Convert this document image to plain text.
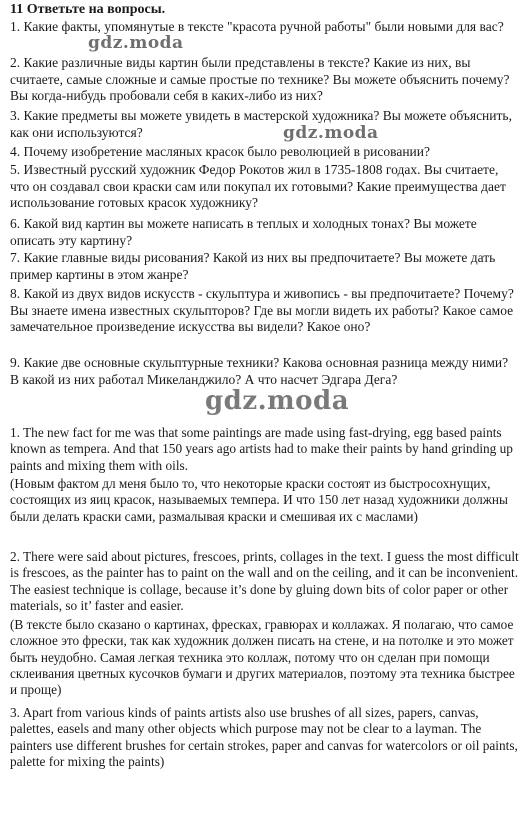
11 Ответьте на вопросы.
1. Какие факты, упомянутые в тексте "красота ручной работы" были новыми для вас?
2. Какие различные виды картин были представлены в тексте? Какие из них, вы считаете, самые сложные и самые простые по технике? Вы можете объяснить почему? Вы когда-нибудь пробовали себя в каких-либо из них?
3. Какие предметы вы можете увидеть в мастерской художника? Вы можете объяснить, как они используются?
4. Почему изобретение масляных красок было революцией в рисовании?
5. Известный русский художник Федор Рокотов жил в 1735-1808 годах. Вы считаете, что он создавал свои краски сам или покупал их готовыми? Какие преимущества дает использование готовых красок художнику?
6. Какой вид картин вы можете написать в теплых и холодных тонах? Вы можете описать эту картину?
7. Какие главные виды рисования? Какой из них вы предпочитаете? Вы можете дать пример картины в этом жанре?
8. Какой из двух видов искусств - скульптура и живопись - вы предпочитаете? Почему? Вы знаете имена известных скульпторов? Где вы могли видеть их работы? Какое самое замечательное произведение искусства вы видели? Какое оно?
9. Какие две основные скульптурные техники? Какова основная разница между ними? В какой из них работал Микеланджило? А что насчет Эдгара Дега?
1. The new fact for me was that some paintings are made using fast-drying, egg based paints known as tempera. And that 150 years ago artists had to make their paints by hand grinding up paints and mixing them with oils.
(Новым фактом дл меня было то, что некоторые краски состоят из быстросохнущих, состоящих из яиц красок, называемых темпера. И что 150 лет назад художники должны были делать краски сами, размалывая краски и смешивая их с маслами)
2. There were said about pictures, frescoes, prints, collages in the text. I guess the most difficult is frescoes, as the painter has to paint on the wall and on the ceiling, and it can be inconvenient. The easiest technique is collage, because it’s done by gluing down bits of color paper or other materials, so it’ faster and easier.
(В тексте было сказано о картинах, фресках, гравюрах и коллажах. Я полагаю, что самое сложное это фрески, так как художник должен писать на стене, и на потолке и это может быть неудобно. Самая легкая техника это коллаж, потому что он сделан при помощи склеивания цветных кусочков бумаги и других материалов, поэтому эта техника быстрее и проще)
3. Apart from various kinds of paints artists also use brushes of all sizes, papers, canvas, palettes, easels and many other objects which purpose may not be clear to a layman. The painters use different brushes for certain strokes, paper and canvas for watercolors or oil paints, palette for mixing the paints)
gdz.moda
gdz.moda
gdz.moda
